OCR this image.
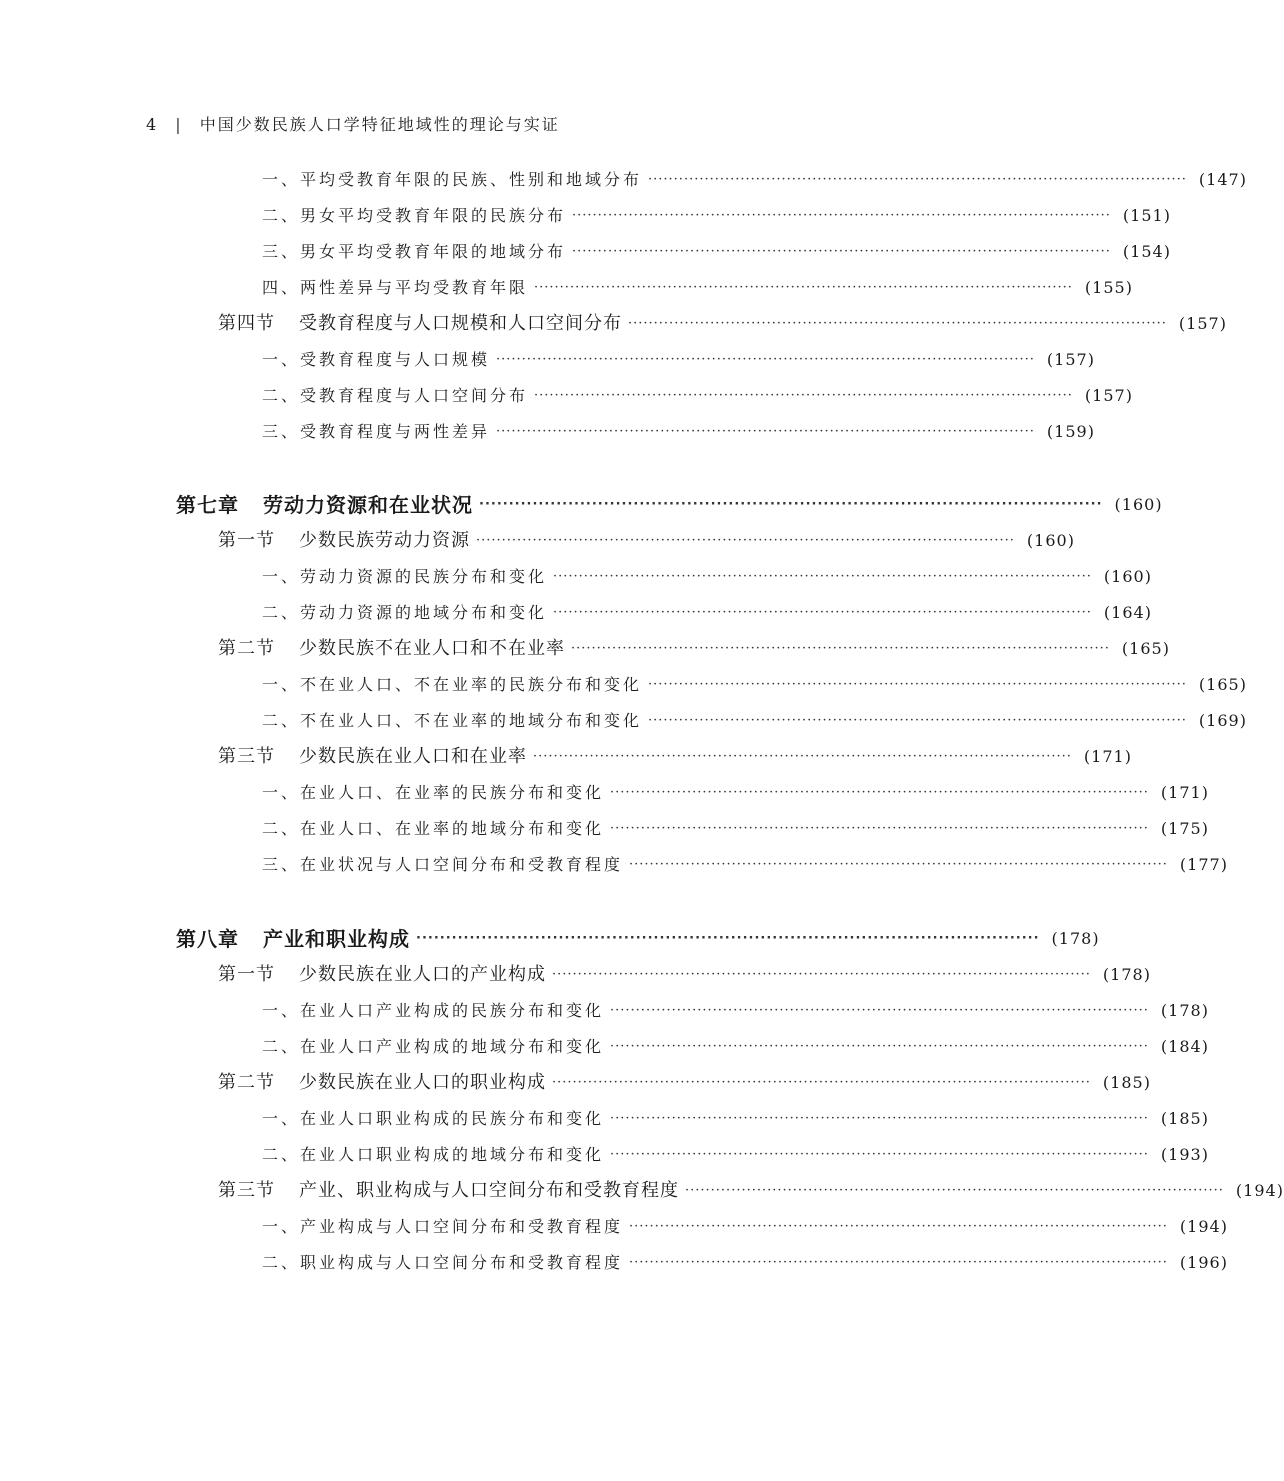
4 | 中国少数民族人口学特征地域性的理论与实证
一、平均受教育年限的民族、性别和地域分布 ········································································································· (147)
二、男女平均受教育年限的民族分布 ········································································································· (151)
三、男女平均受教育年限的地域分布 ········································································································· (154)
四、两性差异与平均受教育年限 ········································································································· (155)
第四节 受教育程度与人口规模和人口空间分布 ········································································································· (157)
一、受教育程度与人口规模 ········································································································· (157)
二、受教育程度与人口空间分布 ········································································································· (157)
三、受教育程度与两性差异 ········································································································· (159)
第七章 劳动力资源和在业状况 ········································································································· (160)
第一节 少数民族劳动力资源 ········································································································· (160)
一、劳动力资源的民族分布和变化 ········································································································· (160)
二、劳动力资源的地域分布和变化 ········································································································· (164)
第二节 少数民族不在业人口和不在业率 ········································································································· (165)
一、不在业人口、不在业率的民族分布和变化 ········································································································· (165)
二、不在业人口、不在业率的地域分布和变化 ········································································································· (169)
第三节 少数民族在业人口和在业率 ········································································································· (171)
一、在业人口、在业率的民族分布和变化 ········································································································· (171)
二、在业人口、在业率的地域分布和变化 ········································································································· (175)
三、在业状况与人口空间分布和受教育程度 ········································································································· (177)
第八章 产业和职业构成 ········································································································· (178)
第一节 少数民族在业人口的产业构成 ········································································································· (178)
一、在业人口产业构成的民族分布和变化 ········································································································· (178)
二、在业人口产业构成的地域分布和变化 ········································································································· (184)
第二节 少数民族在业人口的职业构成 ········································································································· (185)
一、在业人口职业构成的民族分布和变化 ········································································································· (185)
二、在业人口职业构成的地域分布和变化 ········································································································· (193)
第三节 产业、职业构成与人口空间分布和受教育程度 ········································································································· (194)
一、产业构成与人口空间分布和受教育程度 ········································································································· (194)
二、职业构成与人口空间分布和受教育程度 ········································································································· (196)
